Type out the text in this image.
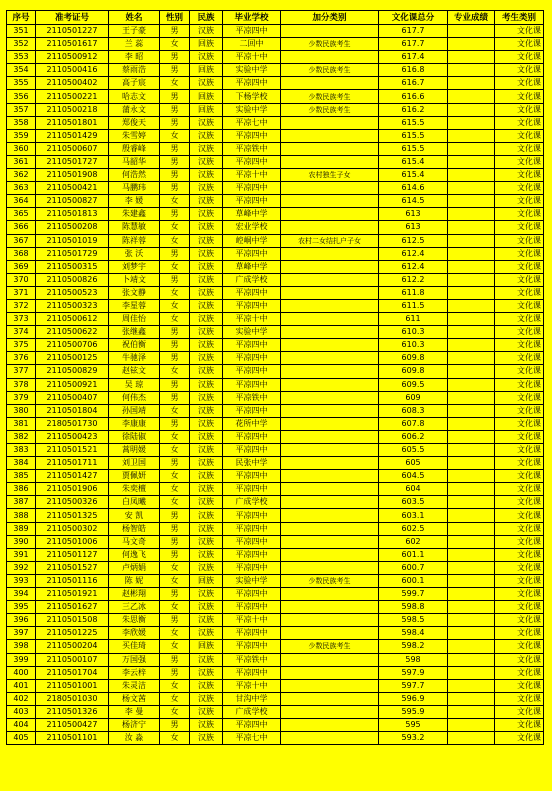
序号	准考证号	姓名	性别	民族	毕业学校	加分类别	文化课总分	专业成绩	考生类别
351	2110501227	王子豪	男	汉族	平凉四中		617.7		文化课
352	2110501617	兰 蕊	女	回族	二回中	少数民族考生	617.7		文化课
353	2110500912	李 昭	男	汉族	平凉十中		617.4		文化课
354	2110500416	蔡雨浩	男	回族	实验中学	少数民族考生	616.8		文化课
355	2110500402	高子宸	女	汉族	平凉四中		616.7		文化课
356	2110500221	哈志文	男	回族	下杨学校	少数民族考生	616.6		文化课
357	2110500218	蒲永文	男	回族	实验中学	少数民族考生	616.2		文化课
358	2110501801	郑俊天	男	汉族	平凉七中		615.5		文化课
359	2110501429	朱雪婷	女	汉族	平凉四中		615.5		文化课
360	2110500607	殷睿峰	男	汉族	平凉铁中		615.5		文化课
361	2110501727	马韶华	男	汉族	平凉四中		615.4		文化课
362	2110501908	何浩然	男	汉族	平凉十中	农村独生子女	615.4		文化课
363	2110500421	马鹏玮	男	汉族	平凉四中		614.6		文化课
364	2110500827	李 媛	女	汉族	平凉四中		614.5		文化课
365	2110501813	朱建鑫	男	汉族	草峰中学		613		文化课
366	2110500208	陈慧敏	女	汉族	宏业学校		613		文化课
367	2110501019	陈祥蓉	女	汉族	崆峒中学	农村二女结扎户子女	612.5		文化课
368	2110501729	张 沃	男	汉族	平凉四中		612.4		文化课
369	2110500315	刘梦宇	女	汉族	草峰中学		612.4		文化课
370	2110500826	卜靖文	男	汉族	广成学校		612.2		文化课
371	2110500523	张文静	女	汉族	平凉四中		611.8		文化课
372	2110500323	李星蓉	女	汉族	平凉四中		611.5		文化课
373	2110500612	周佳怡	女	汉族	平凉十中		611		文化课
374	2110500622	张继鑫	男	汉族	实验中学		610.3		文化课
375	2110500706	祝伯衡	男	汉族	平凉四中		610.3		文化课
376	2110500125	牛驰泽	男	汉族	平凉四中		609.8		文化课
377	2110500829	赵铉文	女	汉族	平凉四中		609.8		文化课
378	2110500921	吴 琼	男	汉族	平凉四中		609.5		文化课
379	2110500407	何伟杰	男	汉族	平凉铁中		609		文化课
380	2110501804	孙国靖	女	汉族	平凉四中		608.3		文化课
381	2180501730	李康康	男	汉族	花所中学		607.8		文化课
382	2110500423	徐陆俶	女	汉族	平凉四中		606.2		文化课
383	2110501521	蒿明媛	女	汉族	平凉四中		605.5		文化课
384	2110501711	刘卫国	男	汉族	民张中学		605		文化课
385	2110501427	贾佩妍	女	汉族	平凉四中		604.5		文化课
386	2110501906	朱奕檀	女	汉族	平凉四中		604		文化课
387	2110500326	白凤曦	女	汉族	广成学校		603.5		文化课
388	2110501325	安 凯	男	汉族	平凉四中		603.1		文化课
389	2110500302	杨智皓	男	汉族	平凉四中		602.5		文化课
390	2110501006	马文奇	男	汉族	平凉四中		602		文化课
391	2110501127	何逸飞	男	汉族	平凉四中		601.1		文化课
392	2110501527	卢炳娟	女	汉族	平凉四中		600.7		文化课
393	2110501116	陈 妮	女	回族	实验中学	少数民族考生	600.1		文化课
394	2110501921	赵彬翔	男	汉族	平凉四中		599.7		文化课
395	2110501627	三乙冰	女	汉族	平凉四中		598.8		文化课
396	2110501508	朱思衡	男	汉族	平凉十中		598.5		文化课
397	2110501225	李欣媛	女	汉族	平凉四中		598.4		文化课
398	2110500204	买佳琦	女	回族	平凉四中	少数民族考生	598.2		文化课
399	2110500107	万国强	男	汉族	平凉铁中		598		文化课
400	2110501704	李云梓	男	汉族	平凉四中		597.9		文化课
401	2110501001	朱灵洁	女	汉族	平凉十中		597.7		文化课
402	2180501030	杨文茜	女	汉族	甘沟中学		596.9		文化课
403	2110501326	李 曼	女	汉族	广成学校		595.9		文化课
404	2110500427	杨济宁	男	汉族	平凉四中		595		文化课
405	2110501101	汝 淼	女	汉族	平凉七中		593.2		文化课
